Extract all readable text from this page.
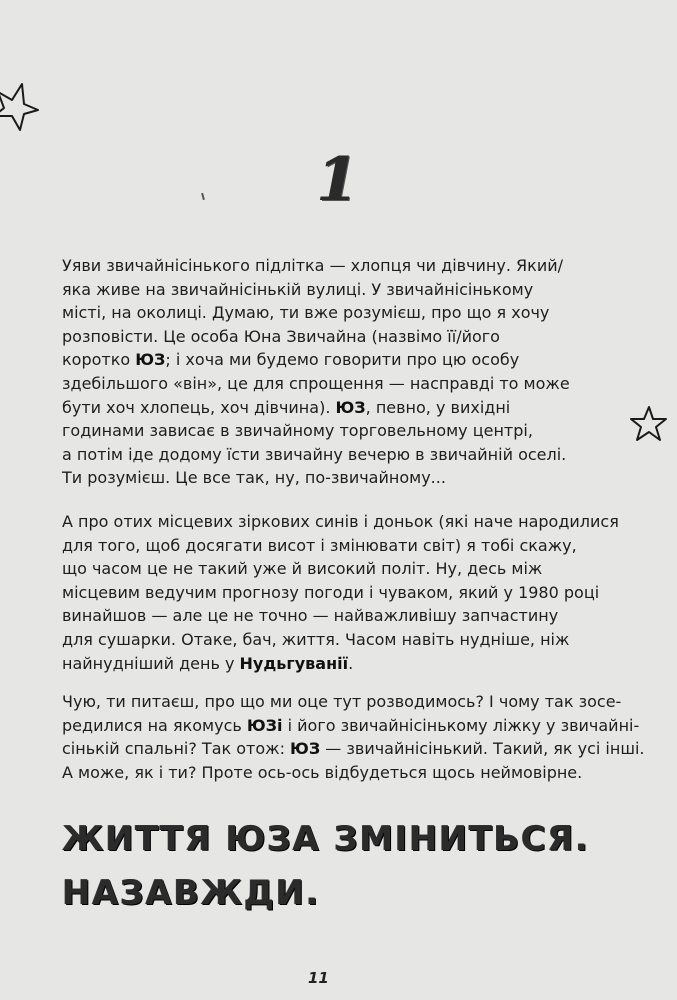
1
Уяви звичайнісінького підлітка — хлопця чи дівчину. Який/
яка живе на звичайнісінькій вулиці. У звичайнісінькому
місті, на околиці. Думаю, ти вже розумієш, про що я хочу
розповісти. Це особа Юна Звичайна (назвімо її/його
коротко ЮЗ; і хоча ми будемо говорити про цю особу
здебільшого «він», це для спрощення — насправді то може
бути хоч хлопець, хоч дівчина). ЮЗ, певно, у вихідні
годинами зависає в звичайному торговельному центрі,
а потім іде додому їсти звичайну вечерю в звичайній оселі.
Ти розумієш. Це все так, ну, по-звичайному...
А про отих місцевих зіркових синів і доньок (які наче народилися
для того, щоб досягати висот і змінювати світ) я тобі скажу,
що часом це не такий уже й високий політ. Ну, десь між
місцевим ведучим прогнозу погоди і чуваком, який у 1980 році
винайшов — але це не точно — найважливішу запчастину
для сушарки. Отаке, бач, життя. Часом навіть нудніше, ніж
найнудніший день у Нудьгуванії.
Чую, ти питаєш, про що ми оце тут розводимось? І чому так зосе-
редилися на якомусь ЮЗі і його звичайнісінькому ліжку у звичайні-
сінькій спальні? Так отож: ЮЗ — звичайнісінький. Такий, як усі інші.
А може, як і ти? Проте ось-ось відбудеться щось неймовірне.
ЖИТТЯ ЮЗА ЗМІНИТЬСЯ.
НАЗАВЖДИ.
11
